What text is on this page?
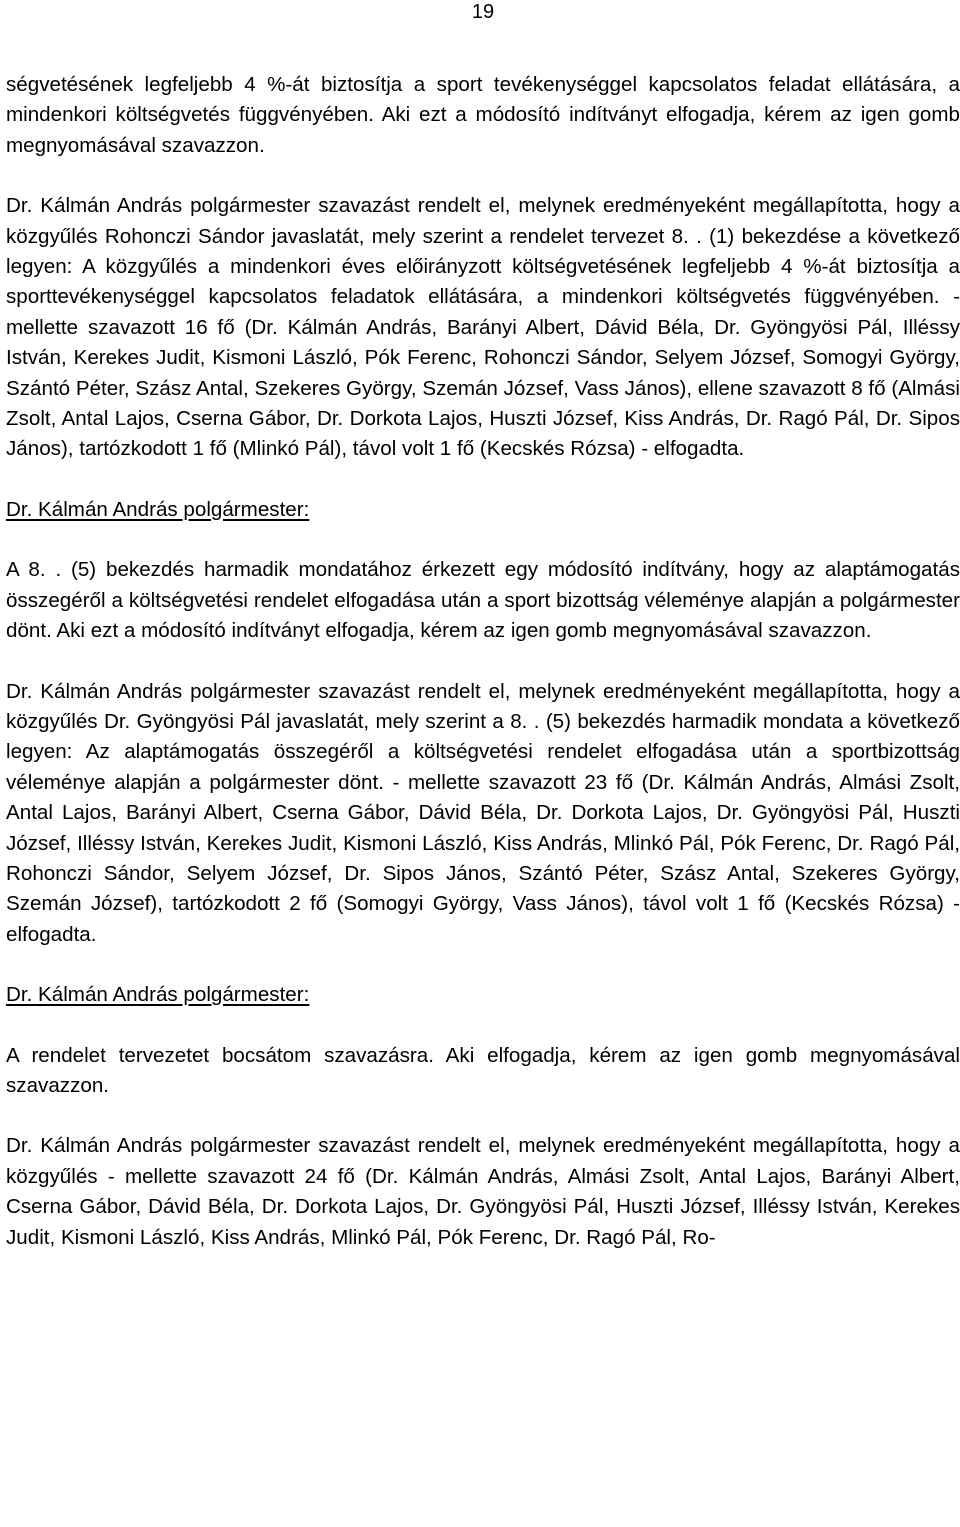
19

ségvetésének legfeljebb 4 %-át biztosítja a sport tevékenységgel kapcsolatos feladat ellátására, a mindenkori költségvetés függvényében. Aki ezt a módosító indítványt elfogadja, kérem az igen gomb megnyomásával szavazzon.

Dr. Kálmán András polgármester szavazást rendelt el, melynek eredményeként megállapította, hogy a közgyűlés Rohonczi Sándor javaslatát, mely szerint a rendelet tervezet 8. . (1) bekezdése a következő legyen: A közgyűlés a mindenkori éves előirányzott költségvetésének legfeljebb 4 %-át biztosítja a sporttevékenységgel kapcsolatos feladatok ellátására, a mindenkori költségvetés függvényében. - mellette szavazott 16 fő (Dr. Kálmán András, Barányi Albert, Dávid Béla, Dr. Gyöngyösi Pál, Illéssy István, Kerekes Judit, Kismoni László, Pók Ferenc, Rohonczi Sándor, Selyem József, Somogyi György, Szántó Péter, Szász Antal, Szekeres György, Szemán József, Vass János), ellene szavazott 8 fő (Almási Zsolt, Antal Lajos, Cserna Gábor, Dr. Dorkota Lajos, Huszti József, Kiss András, Dr. Ragó Pál, Dr. Sipos János), tartózkodott 1 fő (Mlinkó Pál), távol volt 1 fő (Kecskés Rózsa) - elfogadta.

Dr. Kálmán András polgármester:

A 8. . (5) bekezdés harmadik mondatához érkezett egy módosító indítvány, hogy az alaptámogatás összegéről a költségvetési rendelet elfogadása után a sport bizottság véleménye alapján a polgármester dönt. Aki ezt a módosító indítványt elfogadja, kérem az igen gomb megnyomásával szavazzon.

Dr. Kálmán András polgármester szavazást rendelt el, melynek eredményeként megállapította, hogy a közgyűlés Dr. Gyöngyösi Pál javaslatát, mely szerint a 8. . (5) bekezdés harmadik mondata a következő legyen: Az alaptámogatás összegéről a költségvetési rendelet elfogadása után a sportbizottság véleménye alapján a polgármester dönt. - mellette szavazott 23 fő (Dr. Kálmán András, Almási Zsolt, Antal Lajos, Barányi Albert, Cserna Gábor, Dávid Béla, Dr. Dorkota Lajos, Dr. Gyöngyösi Pál, Huszti József, Illéssy István, Kerekes Judit, Kismoni László, Kiss András, Mlinkó Pál, Pók Ferenc, Dr. Ragó Pál, Rohonczi Sándor, Selyem József, Dr. Sipos János, Szántó Péter, Szász Antal, Szekeres György, Szemán József), tartózkodott 2 fő (Somogyi György, Vass János), távol volt 1 fő (Kecskés Rózsa) - elfogadta.

Dr. Kálmán András polgármester:

A rendelet tervezetet bocsátom szavazásra. Aki elfogadja, kérem az igen gomb megnyomásával szavazzon.

Dr. Kálmán András polgármester szavazást rendelt el, melynek eredményeként megállapította, hogy a közgyűlés - mellette szavazott 24 fő (Dr. Kálmán András, Almási Zsolt, Antal Lajos, Barányi Albert, Cserna Gábor, Dávid Béla, Dr. Dorkota Lajos, Dr. Gyöngyösi Pál, Huszti József, Illéssy István, Kerekes Judit, Kismoni László, Kiss András, Mlinkó Pál, Pók Ferenc, Dr. Ragó Pál, Ro-
